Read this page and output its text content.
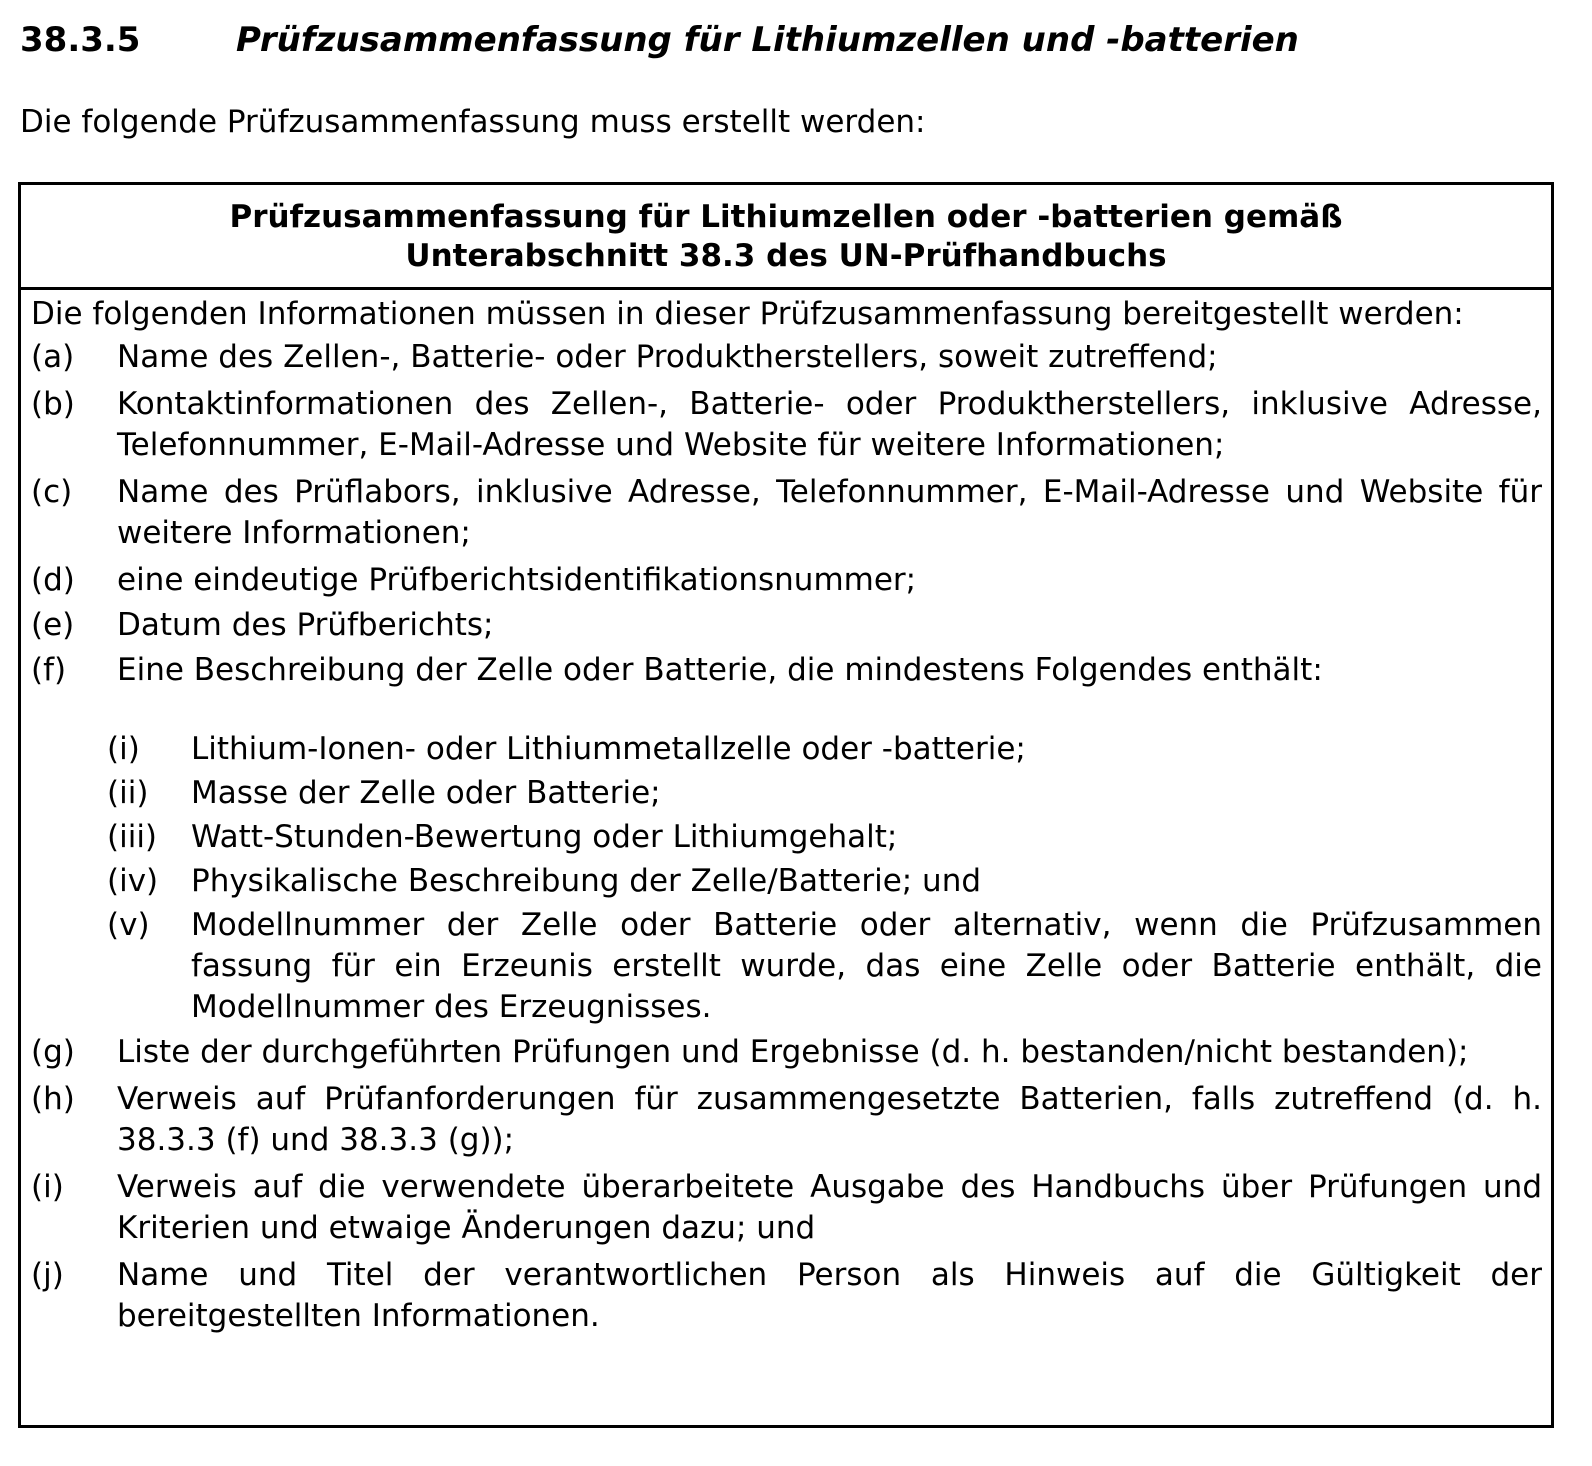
38.3.5	Prüfzusammenfassung für Lithiumzellen und -batterien
Die folgende Prüfzusammenfassung muss erstellt werden:
Prüfzusammenfassung für Lithiumzellen oder -batterien gemäß
Unterabschnitt 38.3 des UN-Prüfhandbuchs
Die folgenden Informationen müssen in dieser Prüfzusammenfassung bereitgestellt werden:
(a)	Name des Zellen-, Batterie- oder Produktherstellers, soweit zutreffend;
(b)	Kontaktinformationen des Zellen-, Batterie- oder Produktherstellers, inklusive Adresse, Telefonnummer, E-Mail-Adresse und Website für weitere Informationen;
(c)	Name des Prüflabors, inklusive Adresse, Telefonnummer, E-Mail-Adresse und Website für weitere Informationen;
(d)	eine eindeutige Prüfberichtsidentifikationsnummer;
(e)	Datum des Prüfberichts;
(f)	Eine Beschreibung der Zelle oder Batterie, die mindestens Folgendes enthält:
(i)	Lithium-Ionen- oder Lithiummetallzelle oder -batterie;
(ii)	Masse der Zelle oder Batterie;
(iii)	Watt-Stunden-Bewertung oder Lithiumgehalt;
(iv)	Physikalische Beschreibung der Zelle/Batterie; und
(v)	Modellnummer der Zelle oder Batterie oder alternativ, wenn die Prüfzusammen fassung für ein Erzeunis erstellt wurde, das eine Zelle oder Batterie enthält, die Modellnummer des Erzeugnisses.
(g)	Liste der durchgeführten Prüfungen und Ergebnisse (d. h. bestanden/nicht bestanden);
(h)	Verweis auf Prüfanforderungen für zusammengesetzte Batterien, falls zutreffend (d. h. 38.3.3 (f) und 38.3.3 (g));
(i)	Verweis auf die verwendete überarbeitete Ausgabe des Handbuchs über Prüfungen und Kriterien und etwaige Änderungen dazu; und
(j)	Name und Titel der verantwortlichen Person als Hinweis auf die Gültigkeit der bereitgestellten Informationen.
